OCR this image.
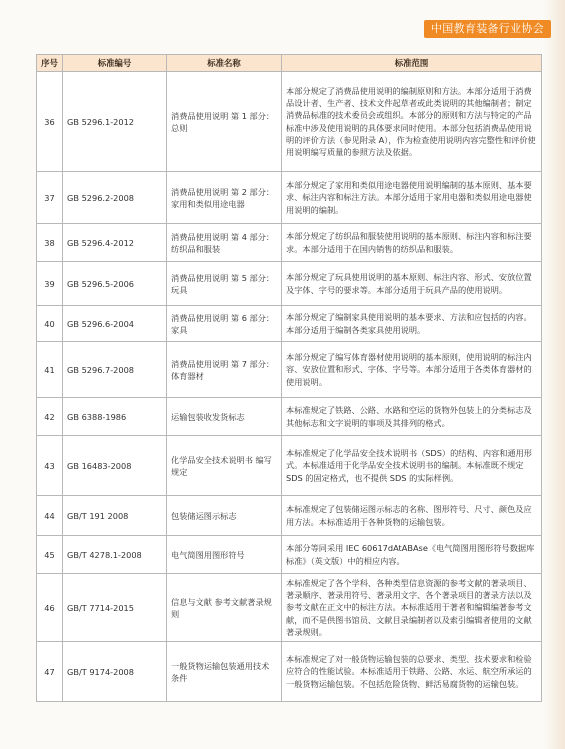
中国教育装备行业协会
序号	标准编号	标准名称	标准范围
36	GB 5296.1-2012	消费品使用说明 第 1 部分：总则	本部分规定了消费品使用说明的编制原则和方法。本部分适用于消费品设计者、生产者、技术文件起草者或此类说明的其他编制者；制定消费品标准的技术委员会或组织。本部分的原则和方法与特定的产品标准中涉及使用说明的具体要求同时使用。本部分包括消费品使用说明的评价方法（参见附录 A），作为检查使用说明内容完整性和评价使用说明编写质量的参照方法及依据。
37	GB 5296.2-2008	消费品使用说明 第 2 部分：家用和类似用途电器	本部分规定了家用和类似用途电器使用说明编制的基本原则、基本要求、标注内容和标注方法。本部分适用于家用电器和类似用途电器使用说明的编制。
38	GB 5296.4-2012	消费品使用说明 第 4 部分：纺织品和服装	本部分规定了纺织品和服装使用说明的基本原则、标注内容和标注要求。本部分适用于在国内销售的纺织品和服装。
39	GB 5296.5-2006	消费品使用说明 第 5 部分：玩具	本部分规定了玩具使用说明的基本原则、标注内容、形式、安放位置及字体、字号的要求等。本部分适用于玩具产品的使用说明。
40	GB 5296.6-2004	消费品使用说明 第 6 部分：家具	本部分规定了编制家具使用说明的基本要求、方法和应包括的内容。本部分适用于编制各类家具使用说明。
41	GB 5296.7-2008	消费品使用说明 第 7 部分：体育器材	本部分规定了编写体育器材使用说明的基本原则，使用说明的标注内容、安放位置和形式、字体、字号等。本部分适用于各类体育器材的使用说明。
42	GB 6388-1986	运输包装收发货标志	本标准规定了铁路、公路、水路和空运的货物外包装上的分类标志及其他标志和文字说明的事项及其排列的格式。
43	GB 16483-2008	化学品安全技术说明书 编写规定	本标准规定了化学品安全技术说明书（SDS）的结构、内容和通用形式。本标准适用于化学品安全技术说明书的编制。本标准既不规定 SDS 的固定格式，也不提供 SDS 的实际样例。
44	GB/T 191 2008	包装储运图示标志	本标准规定了包装储运图示标志的名称、图形符号、尺寸、颜色及应用方法。本标准适用于各种货物的运输包装。
45	GB/T 4278.1-2008	电气简图用图形符号	本部分等同采用 IEC 60617dAtABAse《电气简图用图形符号数据库标准》（英文版）中的相应内容。
46	GB/T 7714-2015	信息与文献 参考文献著录规则	本标准规定了各个学科、各种类型信息资源的参考文献的著录项目、著录顺序、著录用符号、著录用文字、各个著录项目的著录方法以及参考文献在正文中的标注方法。本标准适用于著者和编辑编著参考文献，而不是供图书馆员、文献目录编制者以及索引编辑者使用的文献著录规则。
47	GB/T 9174-2008	一般货物运输包装通用技术条件	本标准规定了对一般货物运输包装的总要求、类型、技术要求和检验应符合的性能试验。本标准适用于铁路、公路、水运、航空所承运的一般货物运输包装。不包括危险货物、鲜活易腐货物的运输包装。
